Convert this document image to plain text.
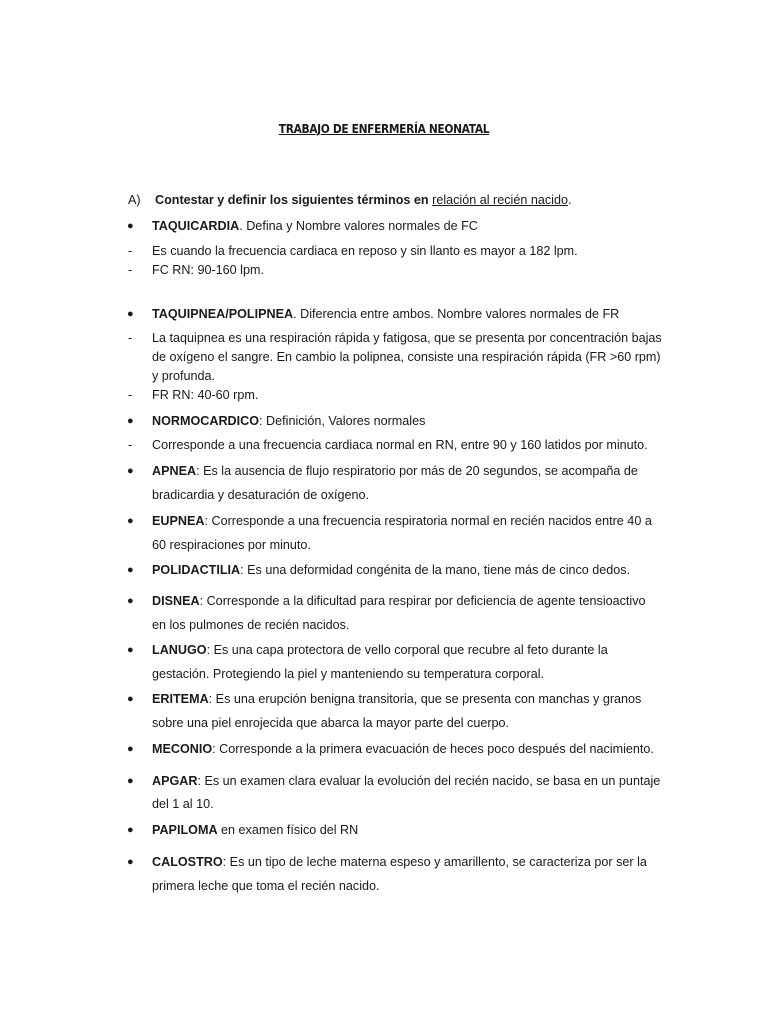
TRABAJO DE ENFERMERÍA NEONATAL
A) Contestar y definir los siguientes términos en relación al recién nacido.
● TAQUICARDIA. Defina y Nombre valores normales de FC
- Es cuando la frecuencia cardiaca en reposo y sin llanto es mayor a 182 lpm.
- FC RN: 90-160 lpm.
● TAQUIPNEA/POLIPNEA. Diferencia entre ambos. Nombre valores normales de FR
- La taquipnea es una respiración rápida y fatigosa, que se presenta por concentración bajas
de oxígeno el sangre. En cambio la polipnea, consiste una respiración rápida (FR >60 rpm)
y profunda.
- FR RN: 40-60 rpm.
● NORMOCARDICO: Definición, Valores normales
- Corresponde a una frecuencia cardiaca normal en RN, entre 90 y 160 latidos por minuto.
● APNEA: Es la ausencia de flujo respiratorio por más de 20 segundos, se acompaña de
bradicardia y desaturación de oxígeno.
● EUPNEA: Corresponde a una frecuencia respiratoria normal en recién nacidos entre 40 a
60 respiraciones por minuto.
● POLIDACTILIA: Es una deformidad congénita de la mano, tiene más de cinco dedos.
● DISNEA: Corresponde a la dificultad para respirar por deficiencia de agente tensioactivo
en los pulmones de recién nacidos.
● LANUGO: Es una capa protectora de vello corporal que recubre al feto durante la
gestación. Protegiendo la piel y manteniendo su temperatura corporal.
● ERITEMA: Es una erupción benigna transitoria, que se presenta con manchas y granos
sobre una piel enrojecida que abarca la mayor parte del cuerpo.
● MECONIO: Corresponde a la primera evacuación de heces poco después del nacimiento.
● APGAR: Es un examen clara evaluar la evolución del recién nacido, se basa en un puntaje
del 1 al 10.
● PAPILOMA en examen físico del RN
● CALOSTRO: Es un tipo de leche materna espeso y amarillento, se caracteriza por ser la
primera leche que toma el recién nacido.
